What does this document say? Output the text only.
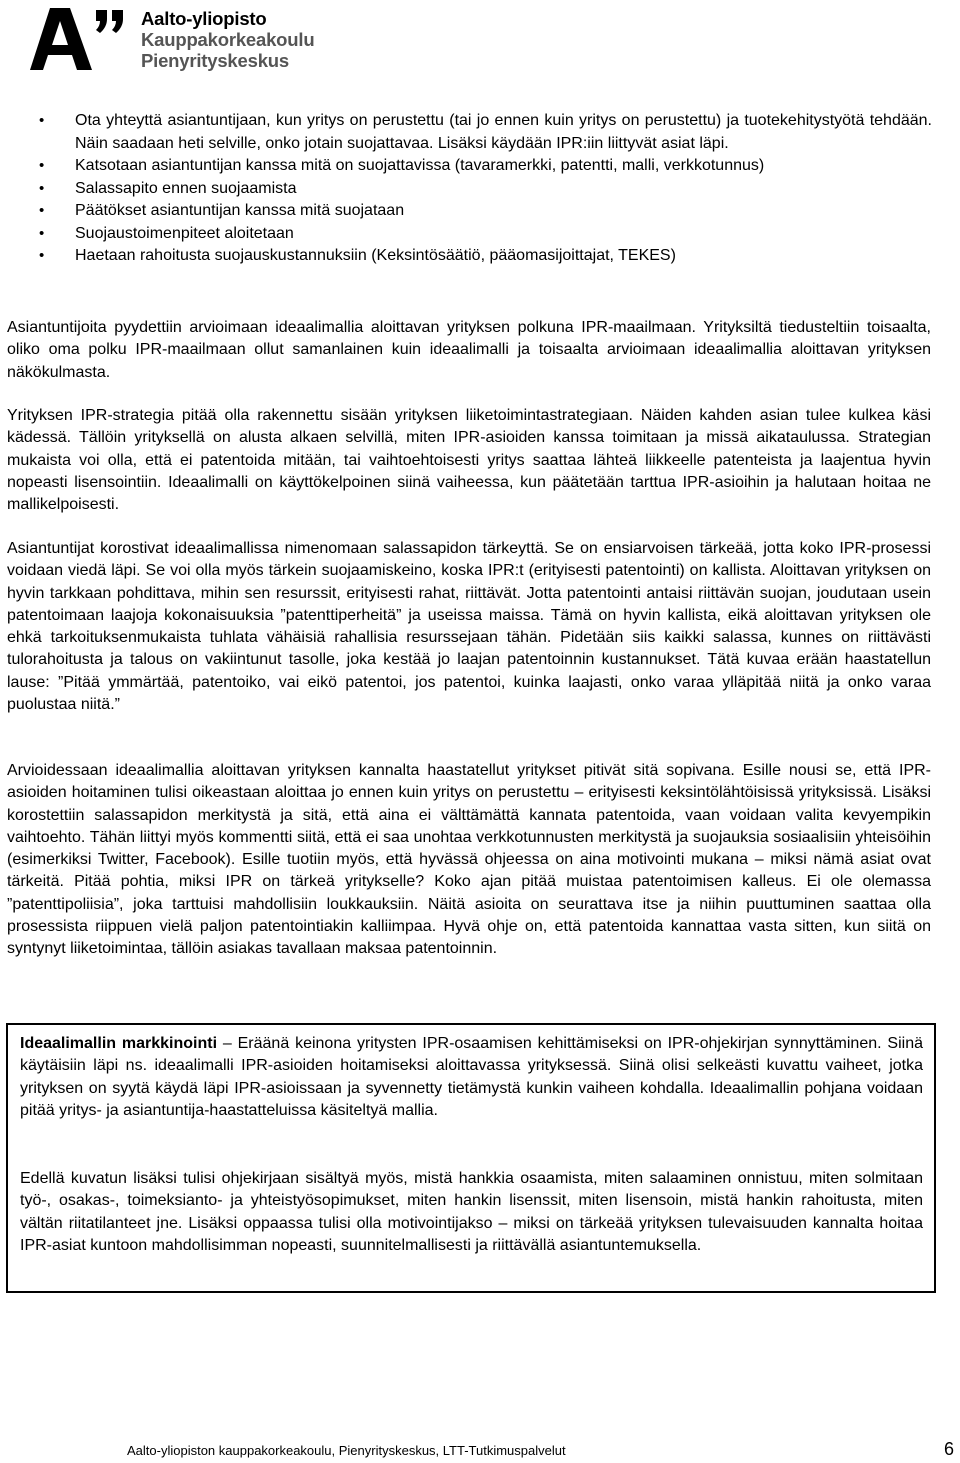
Aalto-yliopisto
Kauppakorkeakoulu
Pienyrityskeskus
• Ota yhteyttä asiantuntijaan, kun yritys on perustettu (tai jo ennen kuin yritys on perustettu) ja tuotekehitystyötä tehdään. Näin saadaan heti selville, onko jotain suojattavaa. Lisäksi käydään IPR:iin liittyvät asiat läpi.
• Katsotaan asiantuntijan kanssa mitä on suojattavissa (tavaramerkki, patentti, malli, verkkotunnus)
• Salassapito ennen suojaamista
• Päätökset asiantuntijan kanssa mitä suojataan
• Suojaustoimenpiteet aloitetaan
• Haetaan rahoitusta suojauskustannuksiin (Keksintösäätiö, pääomasijoittajat, TEKES)

Asiantuntijoita pyydettiin arvioimaan ideaalimallia aloittavan yrityksen polkuna IPR-maailmaan. Yrityksiltä tiedusteltiin toisaalta, oliko oma polku IPR-maailmaan ollut samanlainen kuin ideaalimalli ja toisaalta arvioimaan ideaalimallia aloittavan yrityksen näkökulmasta.

Yrityksen IPR-strategia pitää olla rakennettu sisään yrityksen liiketoimintastrategiaan. Näiden kahden asian tulee kulkea käsi kädessä. Tällöin yrityksellä on alusta alkaen selvillä, miten IPR-asioiden kanssa toimitaan ja missä aikataulussa. Strategian mukaista voi olla, että ei patentoida mitään, tai vaihtoehtoisesti yritys saattaa lähteä liikkeelle patenteista ja laajentua hyvin nopeasti lisensointiin. Ideaalimalli on käyttökelpoinen siinä vaiheessa, kun päätetään tarttua IPR-asioihin ja halutaan hoitaa ne mallikelpoisesti.

Asiantuntijat korostivat ideaalimallissa nimenomaan salassapidon tärkeyttä. Se on ensiarvoisen tärkeää, jotta koko IPR-prosessi voidaan viedä läpi. Se voi olla myös tärkein suojaamiskeino, koska IPR:t (erityisesti patentointi) on kallista. Aloittavan yrityksen on hyvin tarkkaan pohdittava, mihin sen resurssit, erityisesti rahat, riittävät. Jotta patentointi antaisi riittävän suojan, joudutaan usein patentoimaan laajoja kokonaisuuksia ”patenttiperheitä” ja useissa maissa. Tämä on hyvin kallista, eikä aloittavan yrityksen ole ehkä tarkoituksenmukaista tuhlata vähäisiä rahallisia resurssejaan tähän. Pidetään siis kaikki salassa, kunnes on riittävästi tulorahoitusta ja talous on vakiintunut tasolle, joka kestää jo laajan patentoinnin kustannukset. Tätä kuvaa erään haastatellun lause: ”Pitää ymmärtää, patentoiko, vai eikö patentoi, jos patentoi, kuinka laajasti, onko varaa ylläpitää niitä ja onko varaa puolustaa niitä.”

Arvioidessaan ideaalimallia aloittavan yrityksen kannalta haastatellut yritykset pitivät sitä sopivana. Esille nousi se, että IPR-asioiden hoitaminen tulisi oikeastaan aloittaa jo ennen kuin yritys on perustettu – erityisesti keksintölähtöisissä yrityksissä. Lisäksi korostettiin salassapidon merkitystä ja sitä, että aina ei välttämättä kannata patentoida, vaan voidaan valita kevyempikin vaihtoehto. Tähän liittyi myös kommentti siitä, että ei saa unohtaa verkkotunnusten merkitystä ja suojauksia sosiaalisiin yhteisöihin (esimerkiksi Twitter, Facebook). Esille tuotiin myös, että hyvässä ohjeessa on aina motivointi mukana – miksi nämä asiat ovat tärkeitä. Pitää pohtia, miksi IPR on tärkeä yritykselle? Koko ajan pitää muistaa patentoimisen kalleus. Ei ole olemassa ”patenttipoliisia”, joka tarttuisi mahdollisiin loukkauksiin. Näitä asioita on seurattava itse ja niihin puuttuminen saattaa olla prosessista riippuen vielä paljon patentointiakin kalliimpaa. Hyvä ohje on, että patentoida kannattaa vasta sitten, kun siitä on syntynyt liiketoimintaa, tällöin asiakas tavallaan maksaa patentoinnin.

Ideaalimallin markkinointi – Eräänä keinona yritysten IPR-osaamisen kehittämiseksi on IPR-ohjekirjan synnyttäminen. Siinä käytäisiin läpi ns. ideaalimalli IPR-asioiden hoitamiseksi aloittavassa yrityksessä. Siinä olisi selkeästi kuvattu vaiheet, jotka yrityksen on syytä käydä läpi IPR-asioissaan ja syvennetty tietämystä kunkin vaiheen kohdalla. Ideaalimallin pohjana voidaan pitää yritys- ja asiantuntija-haastatteluissa käsiteltyä mallia.

Edellä kuvatun lisäksi tulisi ohjekirjaan sisältyä myös, mistä hankkia osaamista, miten salaaminen onnistuu, miten solmitaan työ-, osakas-, toimeksianto- ja yhteistyösopimukset, miten hankin lisenssit, miten lisensoin, mistä hankin rahoitusta, miten vältän riitatilanteet jne. Lisäksi oppaassa tulisi olla motivointijakso – miksi on tärkeää yrityksen tulevaisuuden kannalta hoitaa IPR-asiat kuntoon mahdollisimman nopeasti, suunnitelmallisesti ja riittävällä asiantuntemuksella.

Aalto-yliopiston kauppakorkeakoulu, Pienyrityskeskus, LTT-Tutkimuspalvelut	6
